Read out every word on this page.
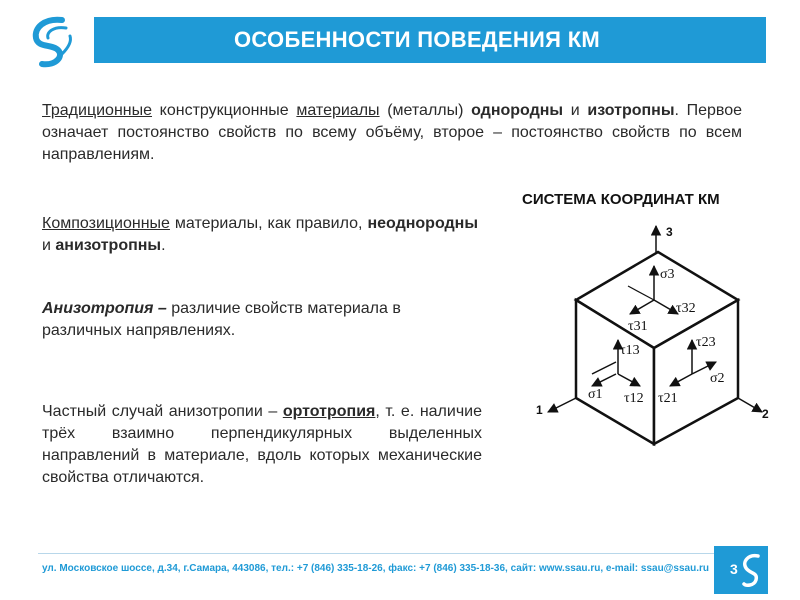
ОСОБЕННОСТИ ПОВЕДЕНИЯ КМ

Традиционные конструкционные материалы (металлы) однородны и изотропны. Первое означает постоянство свойств по всему объёму, второе – постоянство свойств по всем направлениям.

Композиционные материалы, как правило, неоднородны и анизотропны.

Анизотропия – различие свойств материала в различных напрявлениях.

Частный случай анизотропии – ортотропия, т. е. наличие трёх взаимно перпендикулярных выделенных направлений в материале, вдоль которых механические свойства отличаются.

СИСТЕМА КООРДИНАТ КМ
3
1	2
σ3
τ32
τ31
τ13
τ23
σ2
σ1 τ12 τ21
ул. Московское шоссе, д.34, г.Самара, 443086, тел.: +7 (846) 335-18-26, факс: +7 (846) 335-18-36, сайт: www.ssau.ru, e-mail: ssau@ssau.ru 3
